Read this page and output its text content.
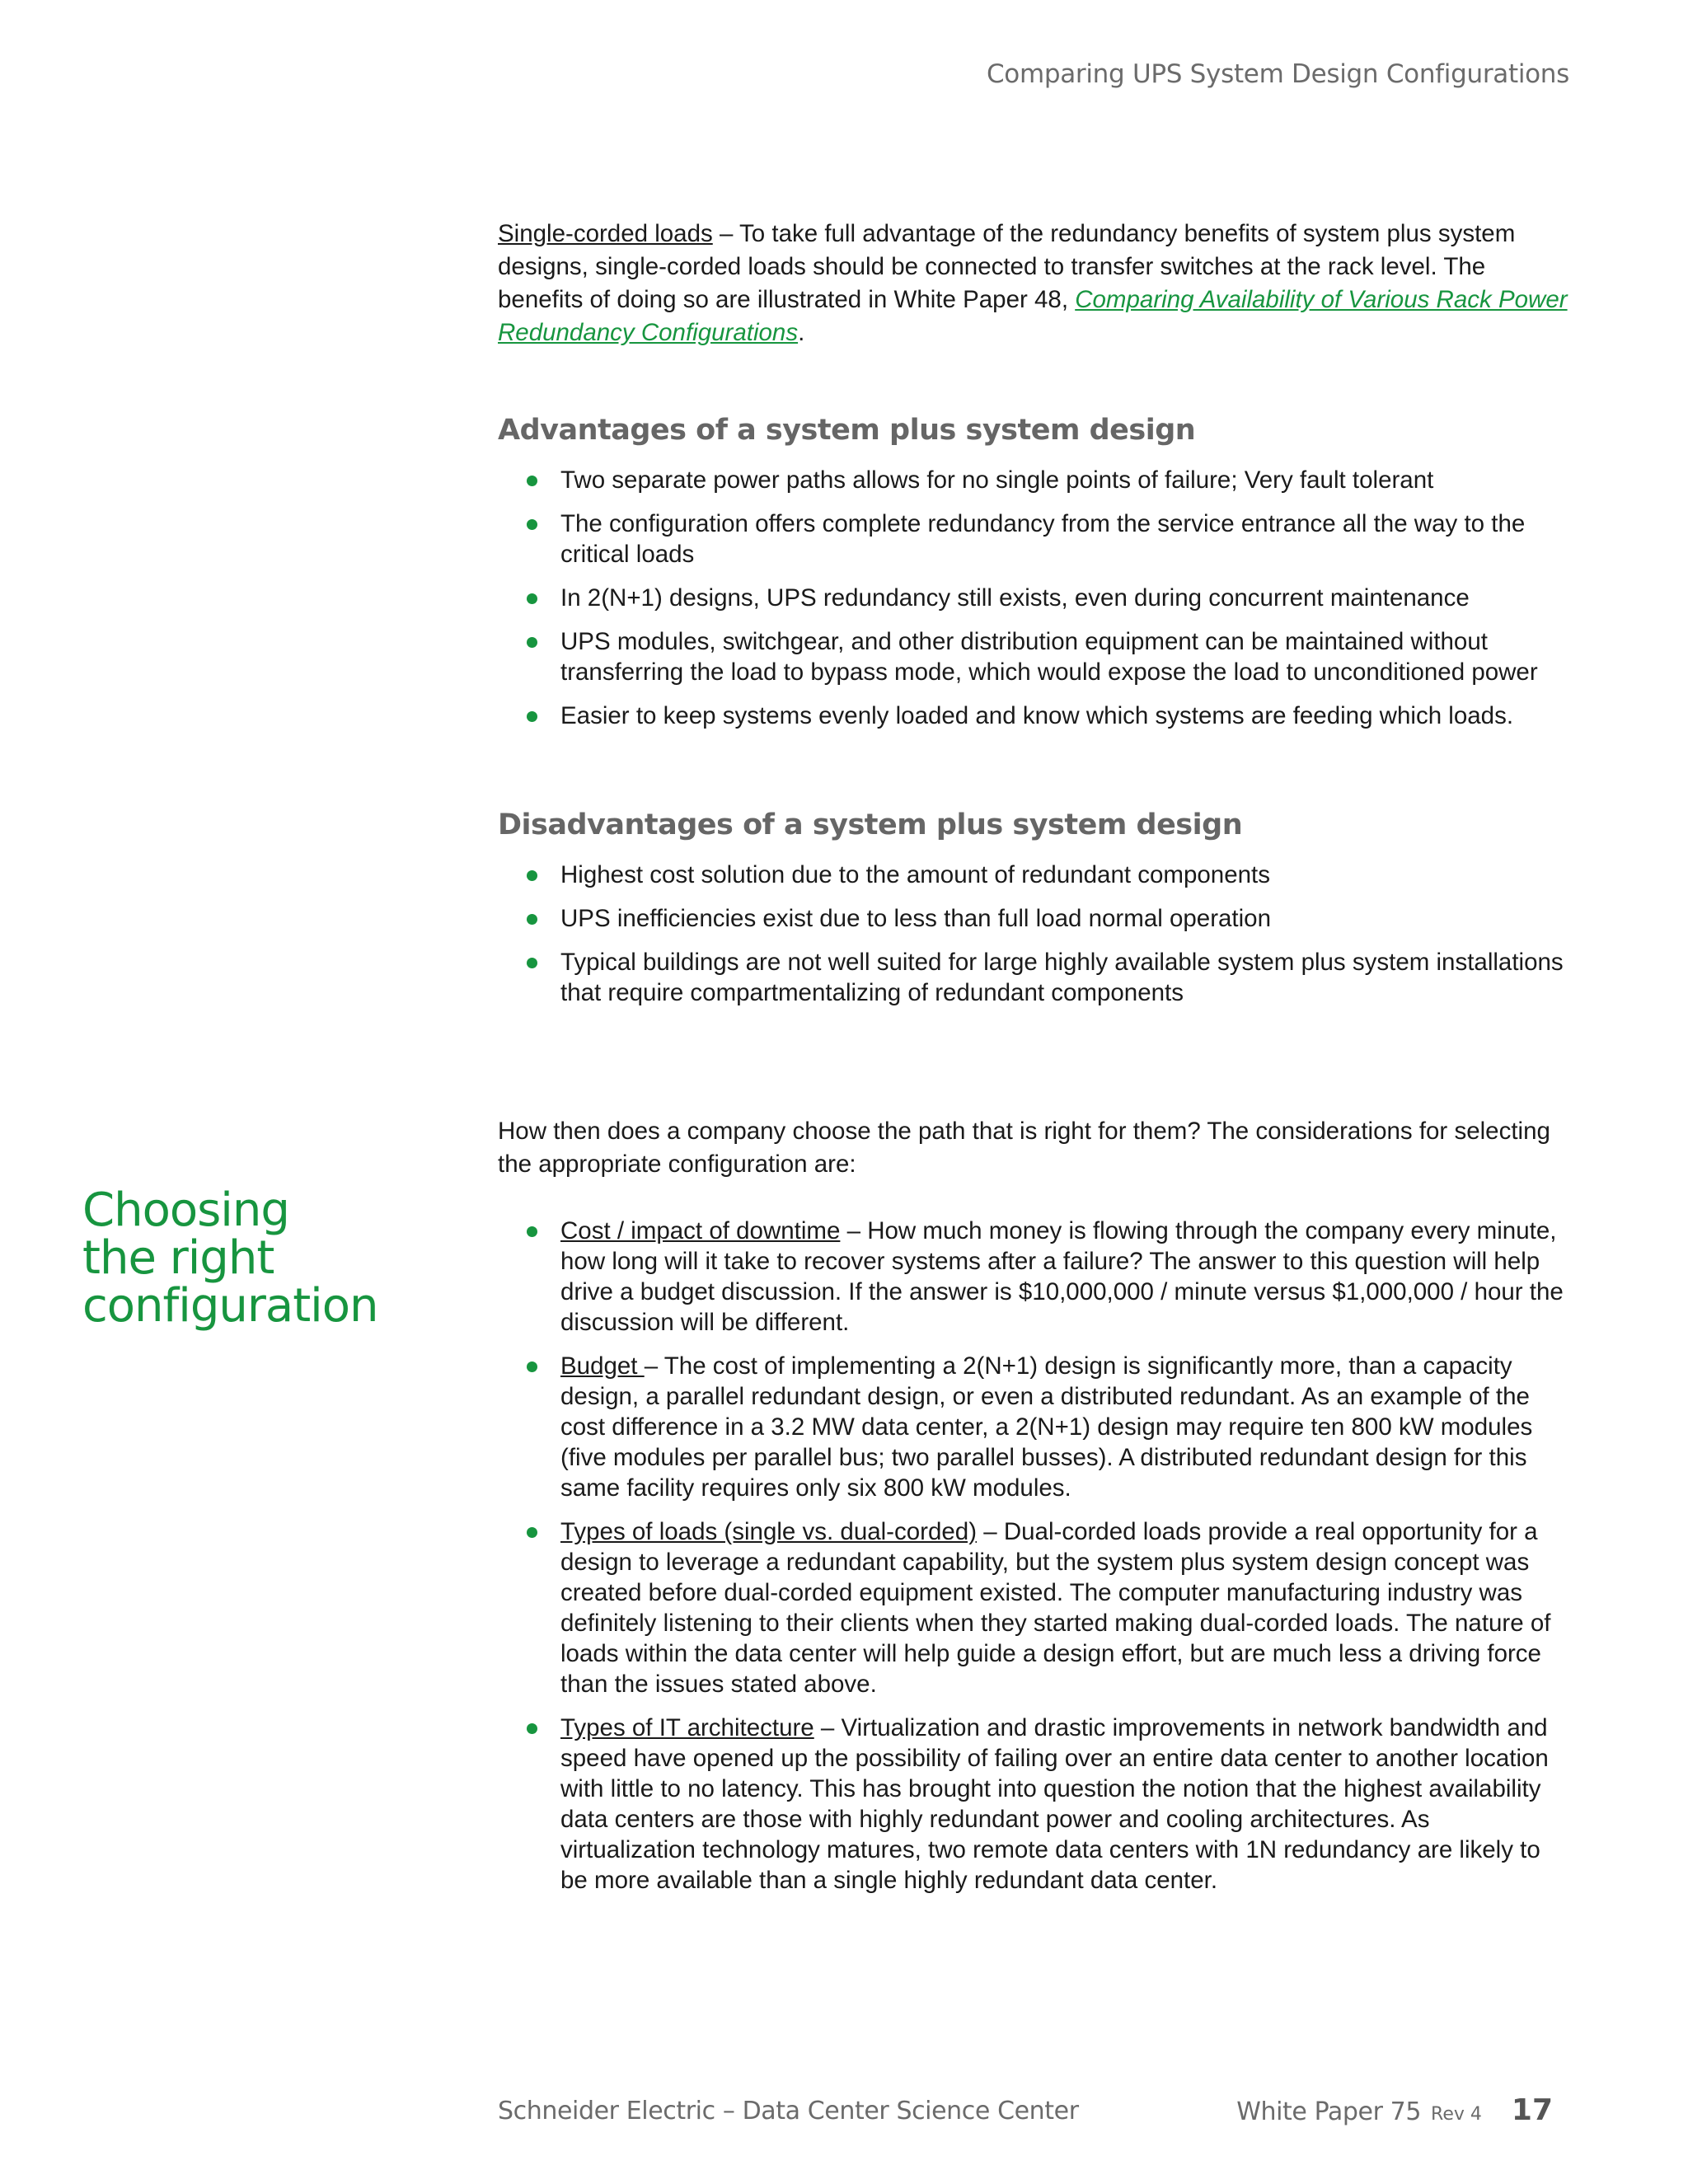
Comparing UPS System Design Configurations

Single-corded loads – To take full advantage of the redundancy benefits of system plus system designs, single-corded loads should be connected to transfer switches at the rack level. The benefits of doing so are illustrated in White Paper 48, Comparing Availability of Various Rack Power Redundancy Configurations.

Advantages of a system plus system design
Two separate power paths allows for no single points of failure; Very fault tolerant
The configuration offers complete redundancy from the service entrance all the way to the critical loads
In 2(N+1) designs, UPS redundancy still exists, even during concurrent maintenance
UPS modules, switchgear, and other distribution equipment can be maintained without transferring the load to bypass mode, which would expose the load to unconditioned power
Easier to keep systems evenly loaded and know which systems are feeding which loads.
Disadvantages of a system plus system design
Highest cost solution due to the amount of redundant components
UPS inefficiencies exist due to less than full load normal operation
Typical buildings are not well suited for large highly available system plus system installations that require compartmentalizing of redundant components

How then does a company choose the path that is right for them? The considerations for selecting the appropriate configuration are:

Cost / impact of downtime – How much money is flowing through the company every minute, how long will it take to recover systems after a failure? The answer to this question will help drive a budget discussion. If the answer is $10,000,000 / minute versus $1,000,000 / hour the discussion will be different.
Budget – The cost of implementing a 2(N+1) design is significantly more, than a capacity design, a parallel redundant design, or even a distributed redundant. As an example of the cost difference in a 3.2 MW data center, a 2(N+1) design may require ten 800 kW modules (five modules per parallel bus; two parallel busses). A distributed redundant design for this same facility requires only six 800 kW modules.
Types of loads (single vs. dual-corded) – Dual-corded loads provide a real opportunity for a design to leverage a redundant capability, but the system plus system design concept was created before dual-corded equipment existed. The computer manufacturing industry was definitely listening to their clients when they started making dual-corded loads. The nature of loads within the data center will help guide a design effort, but are much less a driving force than the issues stated above.
Types of IT architecture – Virtualization and drastic improvements in network bandwidth and speed have opened up the possibility of failing over an entire data center to another location with little to no latency. This has brought into question the notion that the highest availability data centers are those with highly redundant power and cooling architectures. As virtualization technology matures, two remote data centers with 1N redundancy are likely to be more available than a single highly redundant data center.
Choosing
the right
configuration
Schneider Electric – Data Center Science Center	White Paper 75 Rev 4 17
